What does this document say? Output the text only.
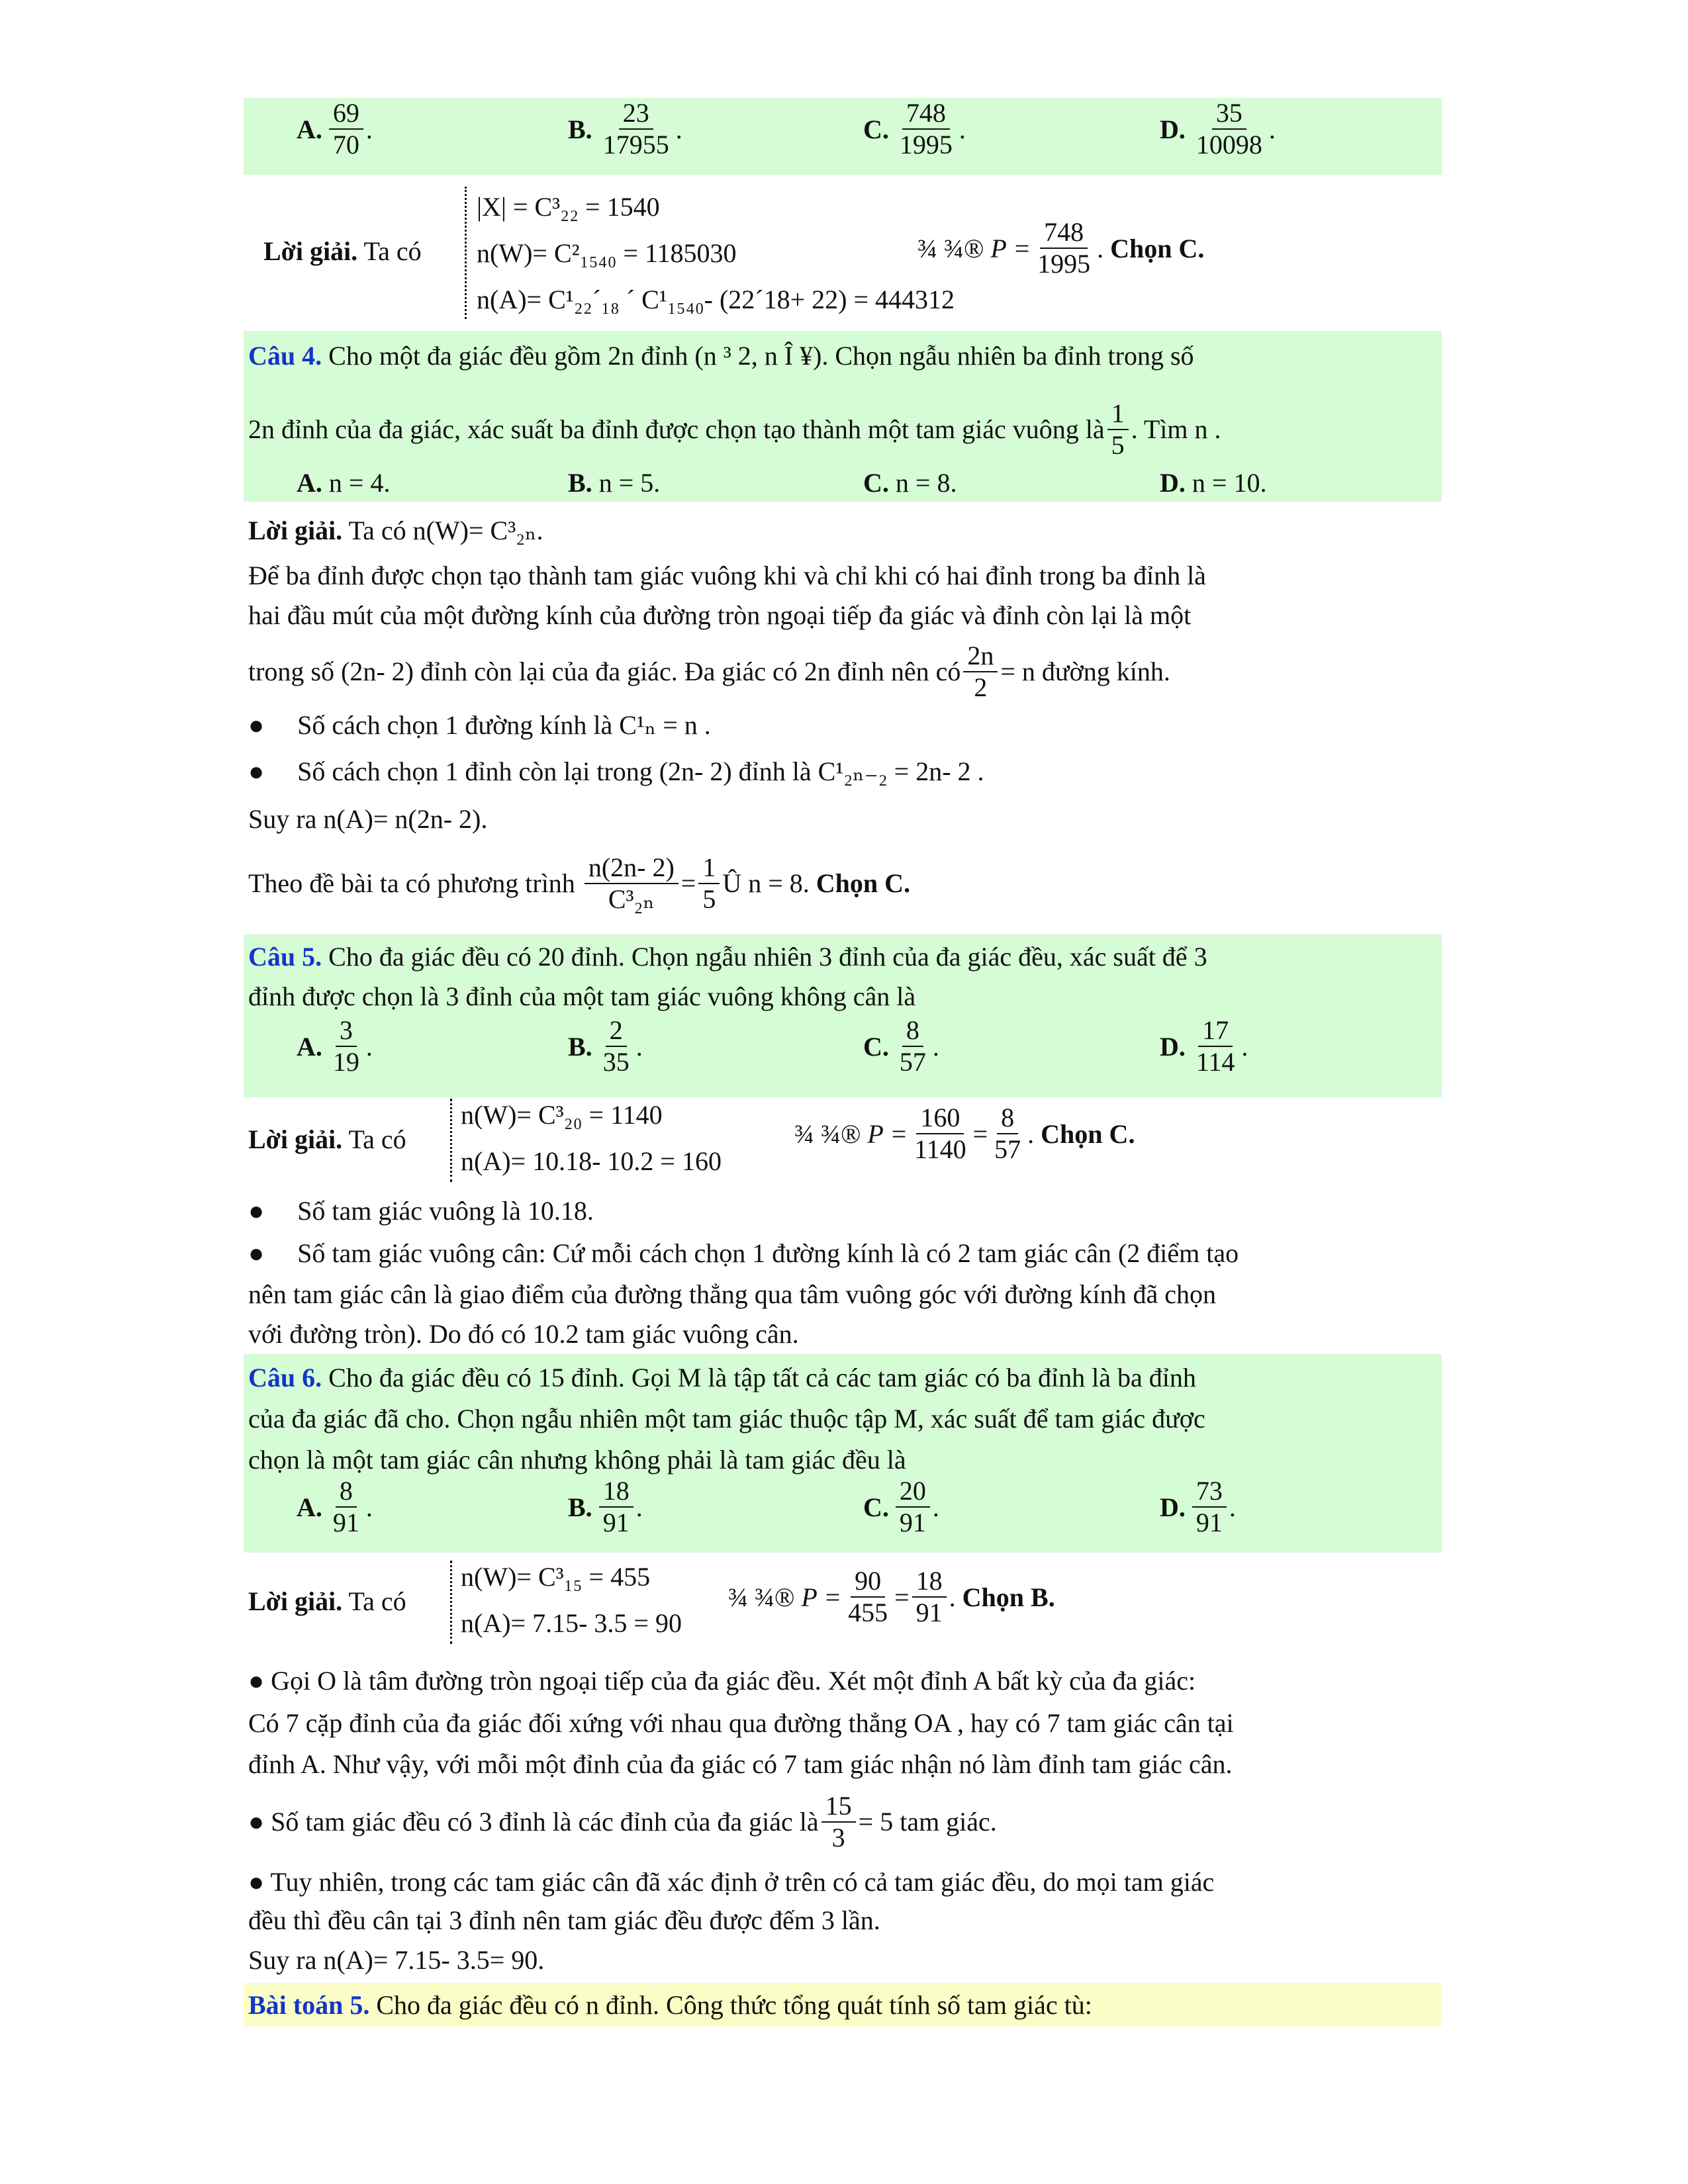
A. $\frac{69}{70}$ .	B. $\frac{23}{17955}$ .	C. $\frac{748}{1995}$ .	D. $\frac{35}{10098}$ .
Lời giải. Ta có
|X| = C³₂₂ = 1540
n(W)= C²₁₅₄₀ = 1185030
n(A)= C¹₂₂´₁₈ ´ C¹₁₅₄₀- (22´18+ 22) = 444312
¾ ¾®
$P = \frac{748}{1995}$ . Chọn C.
Câu 4. Cho một đa giác đều gồm 2n đỉnh (n ³ 2, n Î ¥). Chọn ngẫu nhiên ba đỉnh trong số
2n đỉnh của đa giác, xác suất ba đỉnh được chọn tạo thành một tam giác vuông là $\frac{1}{5}$ . Tìm n .
A. n = 4.	B. n = 5.	C. n = 8.	D. n = 10.
Lời giải. Ta có n(W)= C³₂ₙ.
Để ba đỉnh được chọn tạo thành tam giác vuông khi và chỉ khi có hai đỉnh trong ba đỉnh là
hai đầu mút của một đường kính của đường tròn ngoại tiếp đa giác và đỉnh còn lại là một
trong số (2n- 2) đỉnh còn lại của đa giác. Đa giác có 2n đỉnh nên có $\frac{2n}{2} = n$ đường kính.
● Số cách chọn 1 đường kính là C¹ₙ = n .
● Số cách chọn 1 đỉnh còn lại trong (2n- 2) đỉnh là C¹₂ₙ₋₂ = 2n- 2 .
Suy ra n(A)= n(2n- 2).
Theo đề bài ta có phương trình
$\frac{n(2n- 2)}{\text{C³₂ₙ}} = \frac{1}{5}$ Û n = 8.
Chọn C.
Câu 5. Cho đa giác đều có 20 đỉnh. Chọn ngẫu nhiên 3 đỉnh của đa giác đều, xác suất để 3
đỉnh được chọn là 3 đỉnh của một tam giác vuông không cân là
A. $\frac{3}{19}$ .	B. $\frac{2}{35}$ .	C. $\frac{8}{57}$ .	D. $\frac{17}{114}$ .
Lời giải. Ta có
n(W)= C³₂₀ = 1140
n(A)= 10.18- 10.2 = 160
¾ ¾®
$P = \frac{160}{1140} = \frac{8}{57}$ . Chọn C.
● Số tam giác vuông là 10.18.
● Số tam giác vuông cân: Cứ mỗi cách chọn 1 đường kính là có 2 tam giác cân (2 điểm tạo
nên tam giác cân là giao điểm của đường thẳng qua tâm vuông góc với đường kính đã chọn
với đường tròn). Do đó có 10.2 tam giác vuông cân.
Câu 6. Cho đa giác đều có 15 đỉnh. Gọi M là tập tất cả các tam giác có ba đỉnh là ba đỉnh
của đa giác đã cho. Chọn ngẫu nhiên một tam giác thuộc tập M, xác suất để tam giác được
chọn là một tam giác cân nhưng không phải là tam giác đều là
A. $\frac{8}{91}$ .	B. $\frac{18}{91}$ .	C. $\frac{20}{91}$ .	D. $\frac{73}{91}$ .
Lời giải. Ta có
n(W)= C³₁₅ = 455
n(A)= 7.15- 3.5 = 90
¾ ¾®
$P = \frac{90}{455} = \frac{18}{91}$ . Chọn B.
● Gọi O là tâm đường tròn ngoại tiếp của đa giác đều. Xét một đỉnh A bất kỳ của đa giác:
Có 7 cặp đỉnh của đa giác đối xứng với nhau qua đường thẳng OA , hay có 7 tam giác cân tại
đỉnh A. Như vậy, với mỗi một đỉnh của đa giác có 7 tam giác nhận nó làm đỉnh tam giác cân.
●
Số tam giác đều có 3 đỉnh là các đỉnh của đa giác là $\frac{15}{3} = 5$ tam giác.
● Tuy nhiên, trong các tam giác cân đã xác định ở trên có cả tam giác đều, do mọi tam giác
đều thì đều cân tại 3 đỉnh nên tam giác đều được đếm 3 lần.
Suy ra n(A)= 7.15- 3.5= 90.
Bài toán 5. Cho đa giác đều có n đỉnh. Công thức tổng quát tính số tam giác tù:
